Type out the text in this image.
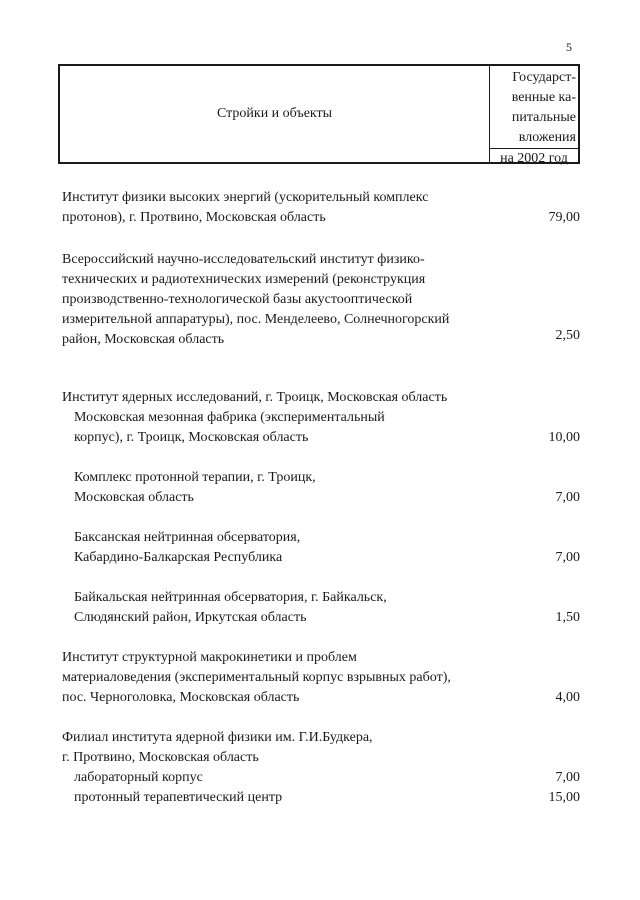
5
Стройки и объекты
Государст-
венные ка-
питальные
вложения
на 2002 год
Институт физики высоких энергий (ускорительный комплекс
протонов), г. Протвино, Московская область	79,00
Всероссийский научно-исследовательский институт физико-
технических и радиотехнических измерений (реконструкция
производственно-технологической базы акустооптической
измерительной аппаратуры), пос. Менделеево, Солнечногорский
район, Московская область	2,50
Институт ядерных исследований, г. Троицк, Московская область
Московская мезонная фабрика (экспериментальный
корпус), г. Троицк, Московская область	10,00
Комплекс протонной терапии, г. Троицк,
Московская область	7,00
Баксанская нейтринная обсерватория,
Кабардино-Балкарская Республика	7,00
Байкальская нейтринная обсерватория, г. Байкальск,
Слюдянский район, Иркутская область	1,50
Институт структурной макрокинетики и проблем
материаловедения (экспериментальный корпус взрывных работ),
пос. Черноголовка, Московская область	4,00
Филиал института ядерной физики им. Г.И.Будкера,
г. Протвино, Московская область
лабораторный корпус	7,00
протонный терапевтический центр	15,00
